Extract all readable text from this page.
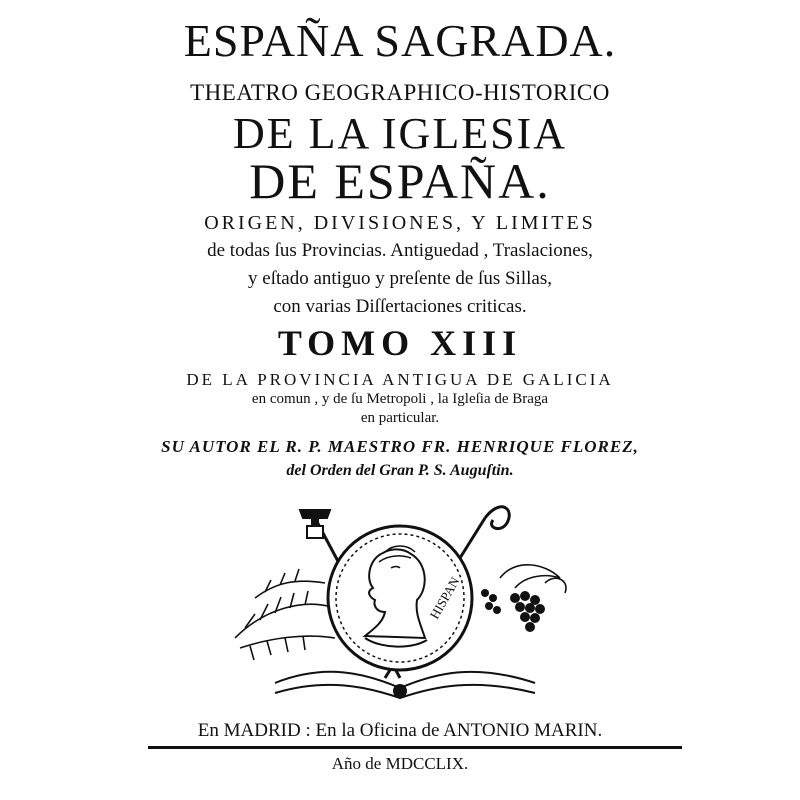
ESPAÑA SAGRADA.
THEATRO GEOGRAPHICO-HISTORICO
DE LA IGLESIA
DE ESPAÑA.
ORIGEN, DIVISIONES, Y LIMITES
de todas ſus Provincias. Antiguedad , Traslaciones,
y eſtado antiguo y preſente de ſus Sillas,
con varias Diſſertaciones criticas.
TOMO XIII
DE LA PROVINCIA ANTIGUA DE GALICIA
en comun , y de ſu Metropoli , la Igleſia de Braga
en particular.
SU AUTOR EL R. P. MAESTRO FR. HENRIQUE FLOREZ,
del Orden del Gran P. S. Auguſtin.
HISPAN
En MADRID : En la Oficina de ANTONIO MARIN.
Año de MDCCLIX.
